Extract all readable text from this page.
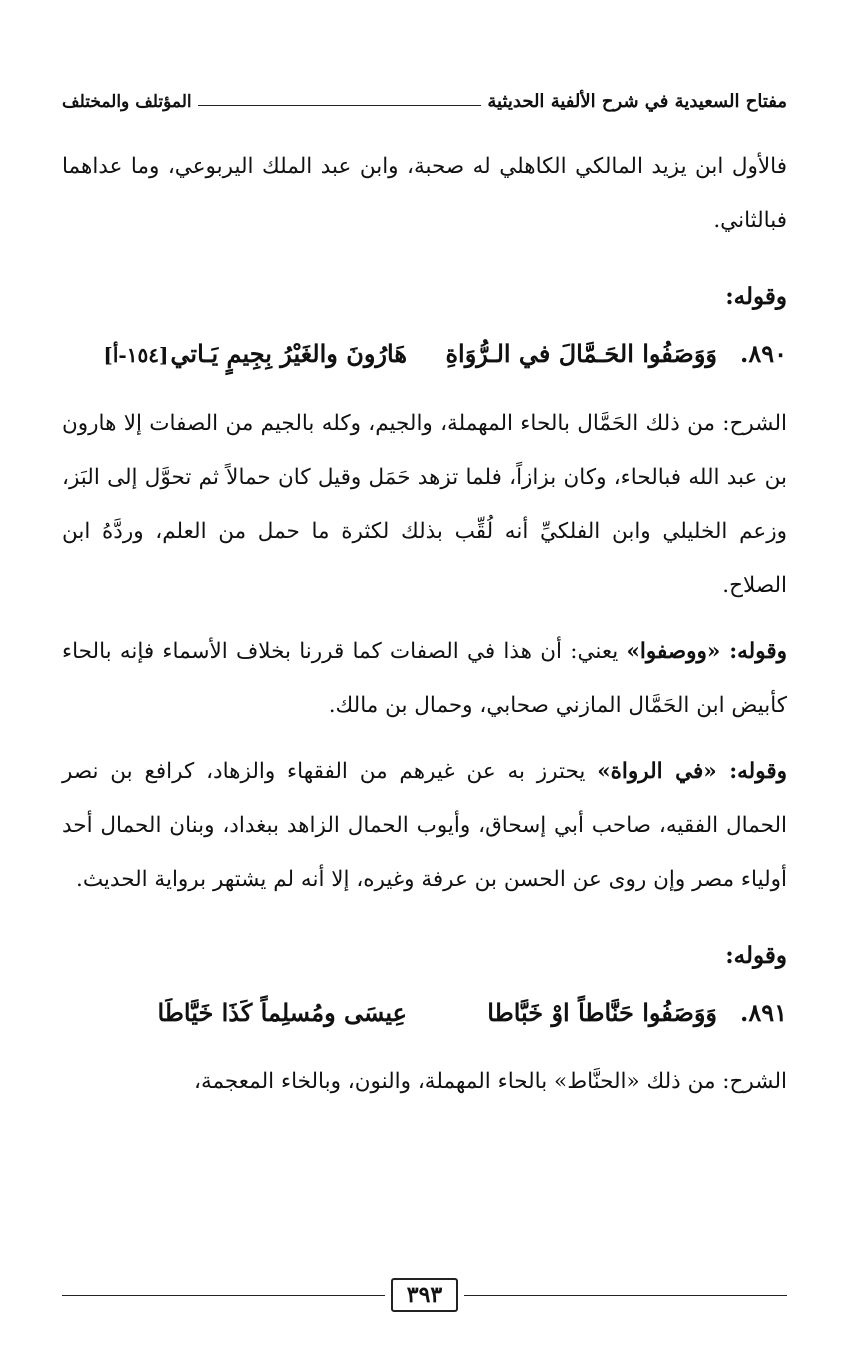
مفتاح السعيدية في شرح الألفية الحديثية
المؤتلف والمختلف

فالأول ابن يزيد المالكي الكاهلي له صحبة، وابن عبد الملك اليربوعي، وما عداهما فبالثاني.

وقوله:

٨٩٠.
وَوَصَفُوا الحَـمَّالَ في الـرُّوَاةِ
هَارُونَ والغَيْرُ بِجِيمٍ يَـاتي
[١٥٤-أ]

الشرح: من ذلك الحَمَّال بالحاء المهملة، والجيم، وكله بالجيم من الصفات إلا هارون بن عبد الله فبالحاء، وكان بزازاً، فلما تزهد حَمَل وقيل كان حمالاً ثم تحوَّل إلى البَز، وزعم الخليلي وابن الفلكيِّ أنه لُقِّب بذلك لكثرة ما حمل من العلم، وردَّهُ ابن الصلاح.

وقوله: «ووصفوا» يعني: أن هذا في الصفات كما قررنا بخلاف الأسماء فإنه بالحاء كأبيض ابن الحَمَّال المازني صحابي، وحمال بن مالك.

وقوله: «في الرواة» يحترز به عن غيرهم من الفقهاء والزهاد، كرافع بن نصر الحمال الفقيه، صاحب أبي إسحاق، وأيوب الحمال الزاهد ببغداد، وبنان الحمال أحد أولياء مصر وإن روى عن الحسن بن عرفة وغيره، إلا أنه لم يشتهر برواية الحديث.

وقوله:

٨٩١.
وَوَصَفُوا حَنَّاطاً اوْ خَبَّاطا
عِيسَى ومُسلِماً كَذَا خَيَّاطَا

الشرح: من ذلك «الحنَّاط» بالحاء المهملة، والنون، وبالخاء المعجمة،

٣٩٣
